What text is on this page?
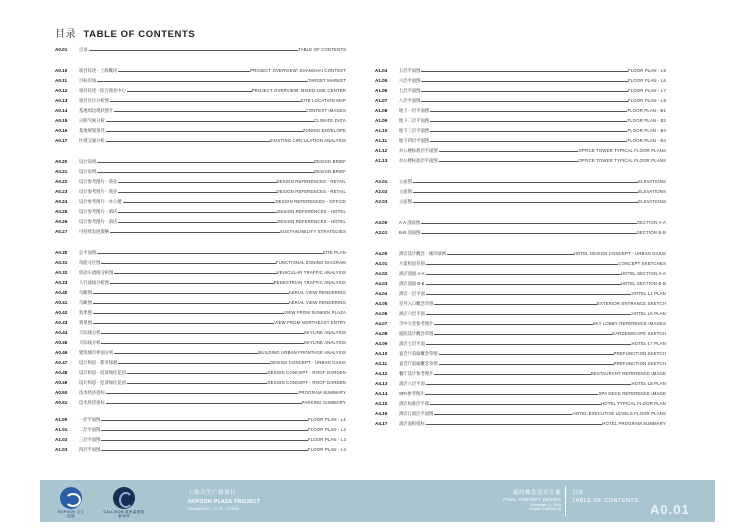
目录 TABLE OF CONTENTS
A0.01	目录	TABLE OF CONTENTS
A0.10	项目综述 - 上海概况	PROJECT OVERVIEW: SHANGHAI CONTEXT
A0.11	目标市场	TARGET MARKET
A0.12	项目综述 - 综合商业中心	PROJECT OVERVIEW: MIXED-USE CENTER
A0.13	项目区位分析图	SITE LOCATION MAP
A0.14	基地周边现状照片	CONTEXT IMAGES
A0.15	日照气候分析	CLIMATE DATA
A0.16	基地规划条件	ZONING ENVELOPE
A0.17	区域交通分析	EXISTING CIRCULATION ANALYSIS
A0.20	设计说明	DESIGN BRIEF
A0.21	设计说明	DESIGN BRIEF
A0.22	设计参考图片 - 商业	DESIGN REFERENCES - RETAIL
A0.23	设计参考图片 - 商业	DESIGN REFERENCES - RETAIL
A0.24	设计参考图片 - 办公楼	DESIGN REFERENCES - OFFICE
A0.25	设计参考图片 - 酒店	DESIGN REFERENCES - HOTEL
A0.26	设计参考图片 - 酒店	DESIGN REFERENCES - HOTEL
A0.27	可持续发展策略	SUSTAINABILITY STRATEGIES
A0.30	总平面图	SITE PLAN
A0.31	功能分区图	FUNCTIONAL ZONING DIAGRAM
A0.32	机动车流线分析图	VEHICULAR TRAFFIC ANALYSIS
A0.33	人行流线分析图	PEDESTRIAN TRAFFIC ANALYSIS
A0.40	鸟瞰图	AERIAL VIEW RENDERING
A0.41	鸟瞰图	AERIAL VIEW RENDERING
A0.42	效果图	VIEW FROM SUNKEN PLAZA
A0.43	效果图	VIEW FROM NORTHEAST ENTRY
A0.44	天际线分析	SKYLINE ANALYSIS
A0.45	天际线分析	SKYLINE ANALYSIS
A0.46	建筑城市界面分析	BUILDING URBAN FRONTAGE ANALYSIS
A0.47	设计构思 - 都市绿洲	DESIGN CONCEPT - URBAN OASIS
A0.48	设计构思 - 屋顶绿化花园	DESIGN CONCEPT - ROOF GARDEN
A0.49	设计构思 - 屋顶绿化花园	DESIGN CONCEPT - ROOF GARDEN
A0.50	技术经济指标	PROGRAM SUMMARY
A0.51	技术经济指标	PARKING SUMMARY
A1.00	一层平面图	FLOOR PLAN - L1
A1.01	二层平面图	FLOOR PLAN - L2
A1.02	三层平面图	FLOOR PLAN - L3
A1.03	四层平面图	FLOOR PLAN - L4
A1.04	五层平面图	FLOOR PLAN - L5
A1.05	六层平面图	FLOOR PLAN - L6
A1.06	七层平面图	FLOOR PLAN - L7
A1.07	八层平面图	FLOOR PLAN - L8
A1.08	地下一层平面图	FLOOR PLAN - B1
A1.09	地下二层平面图	FLOOR PLAN - B2
A1.10	地下三层平面图	FLOOR PLAN - B3
A1.11	地下四层平面图	FLOOR PLAN - B4
A1.12	办公楼标准层平面图	OFFICE TOWER TYPICAL FLOOR PLANS
A1.13	办公楼标准层平面图	OFFICE TOWER TYPICAL FLOOR PLANS
A2.01	立面图	ELEVATIONS
A2.02	立面图	ELEVATIONS
A2.03	立面图	ELEVATIONS
A3.00	A-A 剖面图	SECTION A-A
A3.01	B-B 剖面图	SECTION B-B
A4.00	酒店设计概念 - 城市绿洲	HOTEL DESIGN CONCEPT - URBAN OASIS
A4.01	方案构思草图	CONCEPT SKETCHES
A4.02	酒店剖面 A-A	HOTEL SECTION A-A
A4.03	酒店剖面 B-B	HOTEL SECTION B-B
A4.04	酒店一层平面	HOTEL L1 PLAN
A4.05	室外入口概念草图	EXTERIOR ENTRANCE SKETCH
A4.06	酒店六层平面	HOTEL L6 PLAN
A4.07	空中大堂参考图片	SKY LOBBY REFERENCE IMAGES
A4.08	庭院设计概念草图	GARDENSCAPE SKETCH
A4.09	酒店七层平面	HOTEL L7 PLAN
A4.10	宴会厅前廊概念草图	PREFUNCTION SKETCH
A4.11	宴会厅前廊概念草图	PREFUNCTION SKETCH
A4.12	餐厅设计参考图片	RESTAURANT REFERENCE IMAGE
A4.13	酒店八层平面	HOTEL L8 PLAN
A4.14	SPA参考图片	SPA DECK REFERENCE IMAGE
A4.15	酒店标准层平面	HOTEL TYPICAL FLOOR PLAN
A4.16	酒店行政层平面图	HOTEL EXECUTIVE LEVELS FLOOR PLANS
A4.17	酒店面积指标	HOTEL PROGRAM SUMMARY
HOPSON 合生创展
CALLISON 凯里森建筑事务所
上海合生广场项目
HOPSON PLAZA PROJECT
SHANGHAI, P. R. CHINA
最终概念设计方案
FINAL CONCEPT DESIGN
December 11, 2009
Project: 2009105.00
目录
TABLE OF CONTENTS
A0.01
